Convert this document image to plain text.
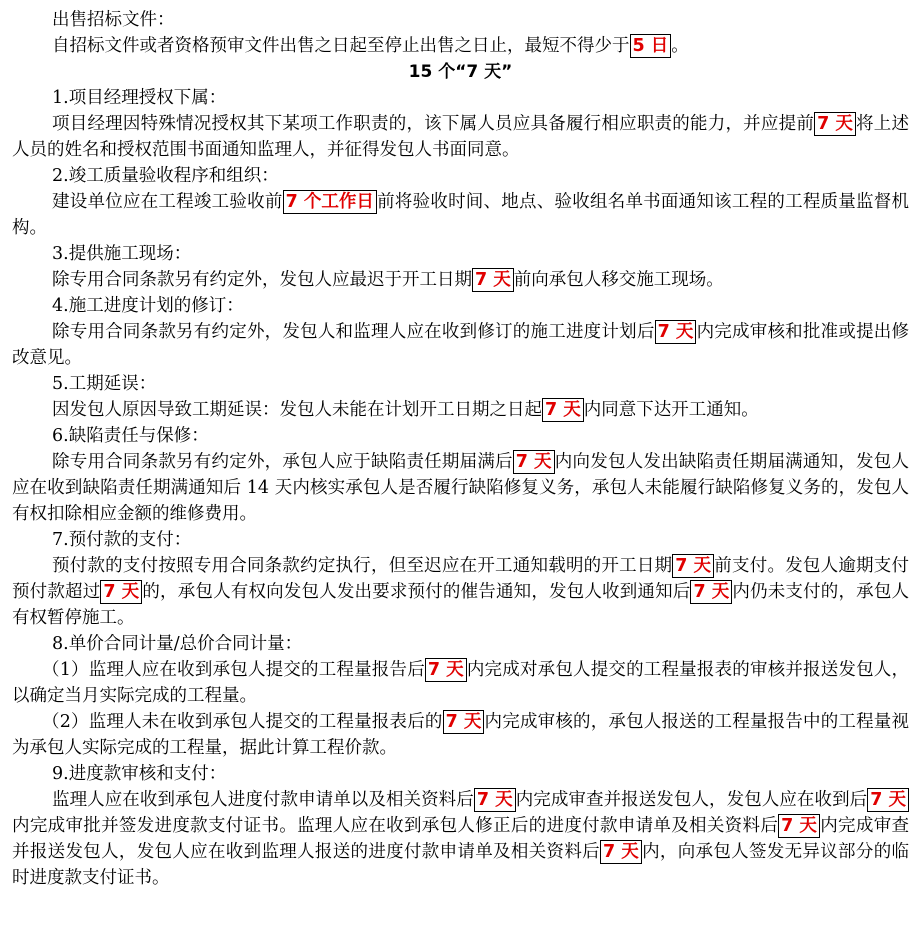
出售招标文件：

自招标文件或者资格预审文件出售之日起至停止出售之日止，最短不得少于 5 日 。

15 个“7 天”

1.项目经理授权下属：

项目经理因特殊情况授权其下某项工作职责的，该下属人员应具备履行相应职责的能力，并应提前 7 天 将上述人员的姓名和授权范围书面通知监理人，并征得发包人书面同意。

2.竣工质量验收程序和组织：

建设单位应在工程竣工验收前 7 个工作日 前将验收时间、地点、验收组名单书面通知该工程的工程质量监督机构。

3.提供施工现场：

除专用合同条款另有约定外，发包人应最迟于开工日期 7 天 前向承包人移交施工现场。

4.施工进度计划的修订：

除专用合同条款另有约定外，发包人和监理人应在收到修订的施工进度计划后 7 天 内完成审核和批准或提出修改意见。

5.工期延误：

因发包人原因导致工期延误：发包人未能在计划开工日期之日起 7 天 内同意下达开工通知。

6.缺陷责任与保修：

除专用合同条款另有约定外，承包人应于缺陷责任期届满后 7 天 内向发包人发出缺陷责任期届满通知，发包人应在收到缺陷责任期满通知后 14 天内核实承包人是否履行缺陷修复义务，承包人未能履行缺陷修复义务的，发包人有权扣除相应金额的维修费用。

7.预付款的支付：

预付款的支付按照专用合同条款约定执行，但至迟应在开工通知载明的开工日期 7 天 前支付。发包人逾期支付预付款超过 7 天 的，承包人有权向发包人发出要求预付的催告通知，发包人收到通知后 7 天 内仍未支付的，承包人有权暂停施工。

8.单价合同计量/总价合同计量：

（1）监理人应在收到承包人提交的工程量报告后 7 天 内完成对承包人提交的工程量报表的审核并报送发包人，以确定当月实际完成的工程量。

（2）监理人未在收到承包人提交的工程量报表后的 7 天 内完成审核的，承包人报送的工程量报告中的工程量视为承包人实际完成的工程量，据此计算工程价款。

9.进度款审核和支付：

监理人应在收到承包人进度付款申请单以及相关资料后 7 天 内完成审查并报送发包人，发包人应在收到后 7 天内完成审批并签发进度款支付证书。监理人应在收到承包人修正后的进度付款申请单及相关资料后 7 天 内完成审查并报送发包人，发包人应在收到监理人报送的进度付款申请单及相关资料后 7 天 内，向承包人签发无异议部分的临时进度款支付证书。
